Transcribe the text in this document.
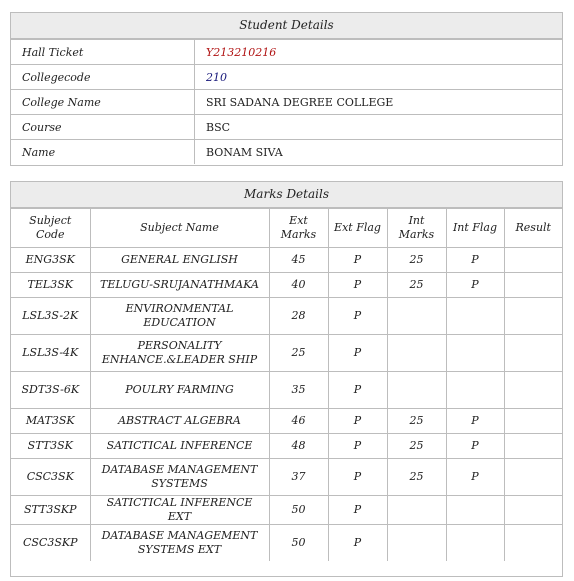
Student Details
Hall Ticket	Y213210216
Collegecode	210
College Name	SRI SADANA DEGREE COLLEGE
Course	BSC
Name	BONAM SIVA
Marks Details
Subject Code	Subject Name	Ext Marks	Ext Flag	Int Marks	Int Flag	Result
ENG3SK	GENERAL ENGLISH	45	P	25	P	
TEL3SK	TELUGU-SRUJANATHMAKA	40	P	25	P	
LSL3S-2K	ENVIRONMENTAL EDUCATION	28	P			
LSL3S-4K	PERSONALITY ENHANCE.&LEADER SHIP	25	P			
SDT3S-6K	POULRY FARMING	35	P			
MAT3SK	ABSTRACT ALGEBRA	46	P	25	P	
STT3SK	SATICTICAL INFERENCE	48	P	25	P	
CSC3SK	DATABASE MANAGEMENT SYSTEMS	37	P	25	P	
STT3SKP	SATICTICAL INFERENCE EXT	50	P			
CSC3SKP	DATABASE MANAGEMENT SYSTEMS EXT	50	P			
